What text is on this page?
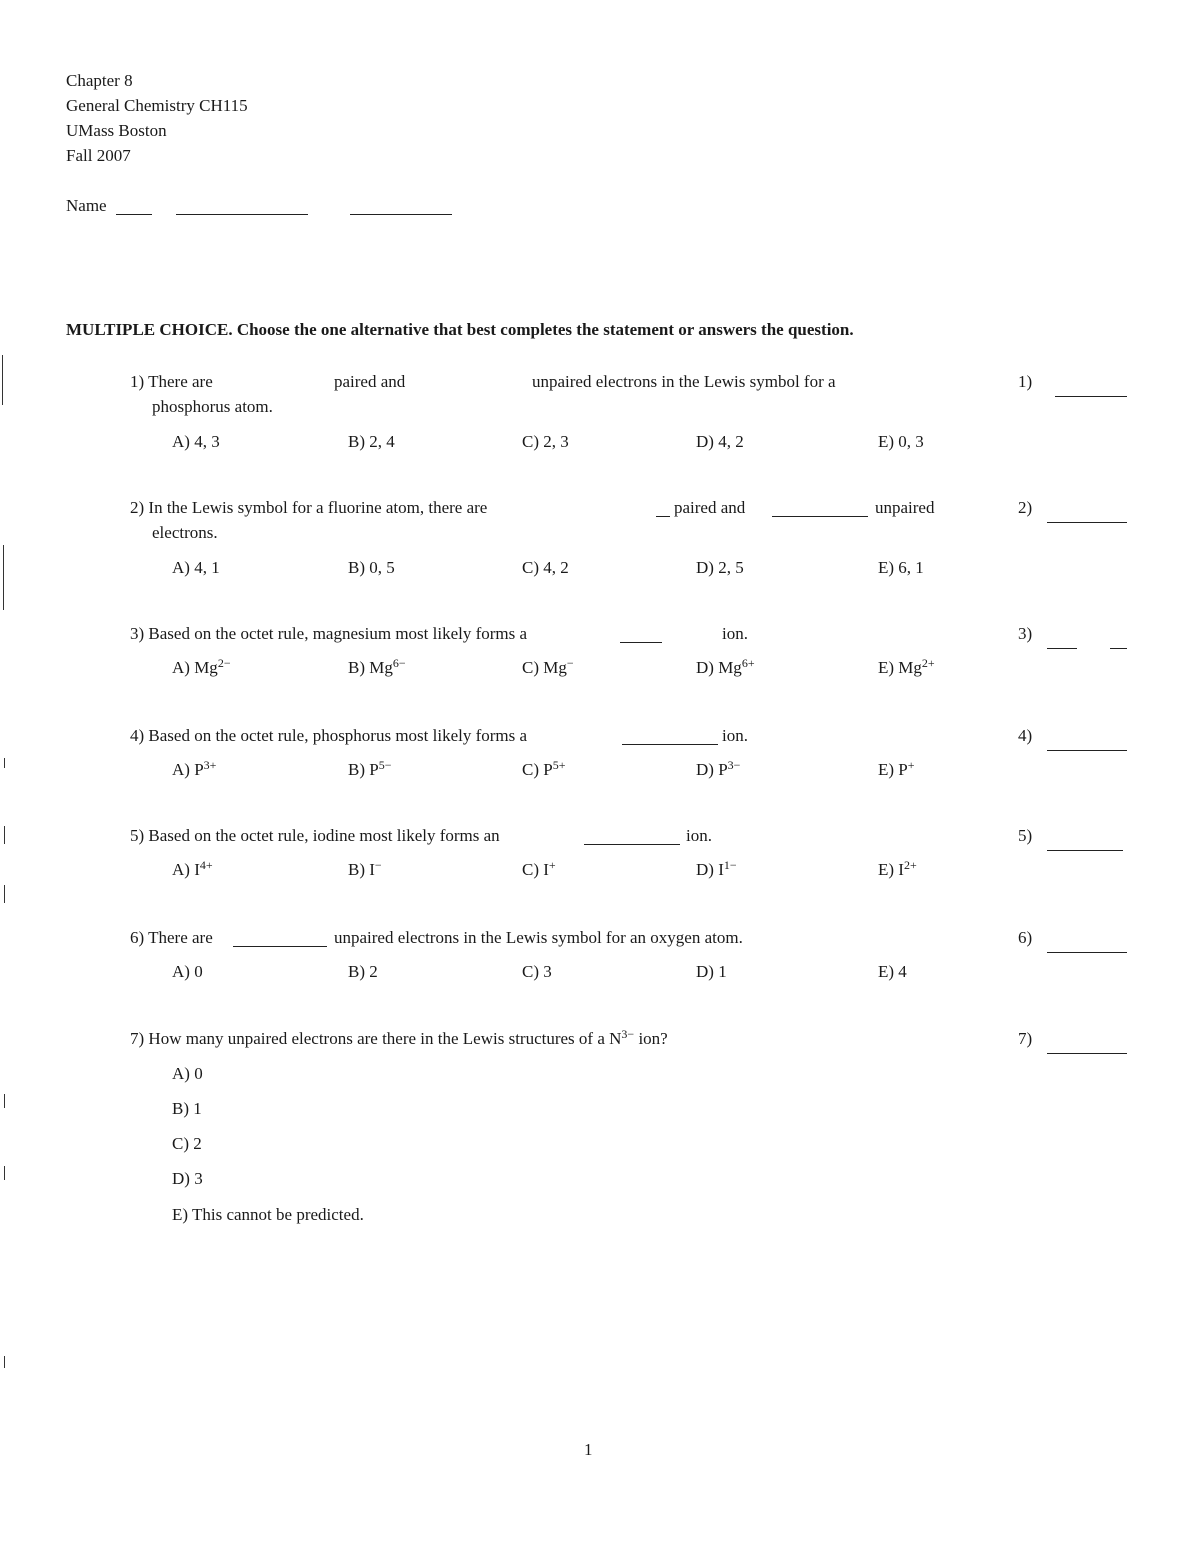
Chapter 8
General Chemistry CH115
UMass Boston
Fall 2007
Name
MULTIPLE CHOICE. Choose the one alternative that best completes the statement or answers the question.
1) There are	paired and	unpaired electrons in the Lewis symbol for a
phosphorus atom.
1)
A) 4, 3	B) 2, 4	C) 2, 3	D) 4, 2	E) 0, 3
2) In the Lewis symbol for a fluorine atom, there are	paired and	unpaired
electrons.
2)
A) 4, 1	B) 0, 5	C) 4, 2	D) 2, 5	E) 6, 1
3) Based on the octet rule, magnesium most likely forms a	ion.	3)
A) $Mg^{2-}$	B) $Mg^{6-}$	C) Mg−	D) $Mg^{6+}$	E) $Mg^{2+}$
4) Based on the octet rule, phosphorus most likely forms a	ion.	4)
A) $P^{3+}$	B) $P^{5-}$	C) $P^{5+}$	D) $P^{3-}$	E) P+
5) Based on the octet rule, iodine most likely forms an	ion.	5)
A) $I^{4+}$	B) I−	C) I+	D) $I^{1-}$	E) $I^{2+}$
6) There are	unpaired electrons in the Lewis symbol for an oxygen atom.	6)
A) 0	B) 2	C) 3	D) 1	E) 4
7) How many unpaired electrons are there in the Lewis structures of a $N^{3-}$ ion?	7)
A) 0
B) 1
C) 2
D) 3
E) This cannot be predicted.
1
